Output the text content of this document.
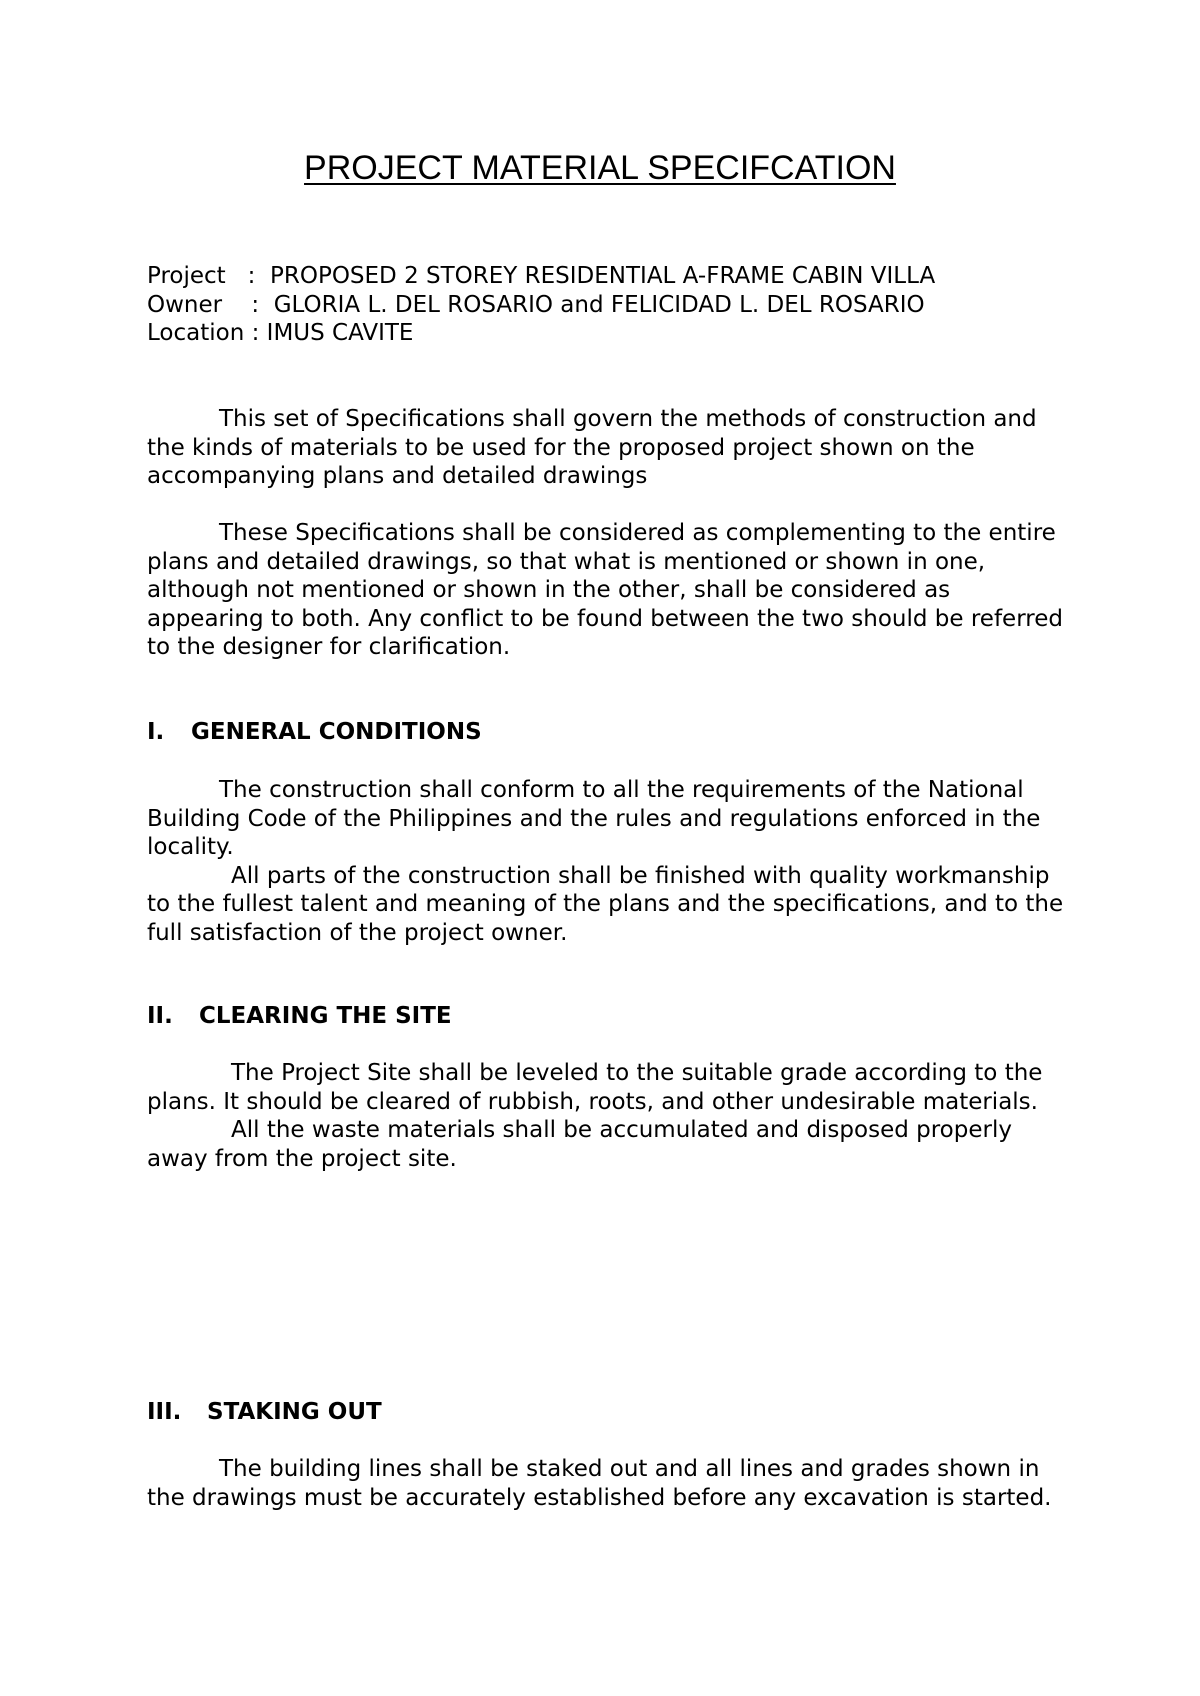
PROJECT MATERIAL SPECIFCATION
Project   : PROPOSED 2 STOREY RESIDENTIAL A-FRAME CABIN VILLA
Owner    : GLORIA L. DEL ROSARIO and FELICIDAD L. DEL ROSARIO
Location : IMUS CAVITE
This set of Specifications shall govern the methods of construction and the kinds of materials to be used for the proposed project shown on the accompanying plans and detailed drawings
These Specifications shall be considered as complementing to the entire plans and detailed drawings, so that what is mentioned or shown in one, although not mentioned or shown in the other, shall be considered as appearing to both. Any conflict to be found between the two should be referred to the designer for clarification.
I. GENERAL CONDITIONS
The construction shall conform to all the requirements of the National Building Code of the Philippines and the rules and regulations enforced in the locality.
All parts of the construction shall be finished with quality workmanship to the fullest talent and meaning of the plans and the specifications, and to the full satisfaction of the project owner.
II. CLEARING THE SITE
The Project Site shall be leveled to the suitable grade according to the plans. It should be cleared of rubbish, roots, and other undesirable materials.
All the waste materials shall be accumulated and disposed properly away from the project site.
III. STAKING OUT
The building lines shall be staked out and all lines and grades shown in the drawings must be accurately established before any excavation is started.
